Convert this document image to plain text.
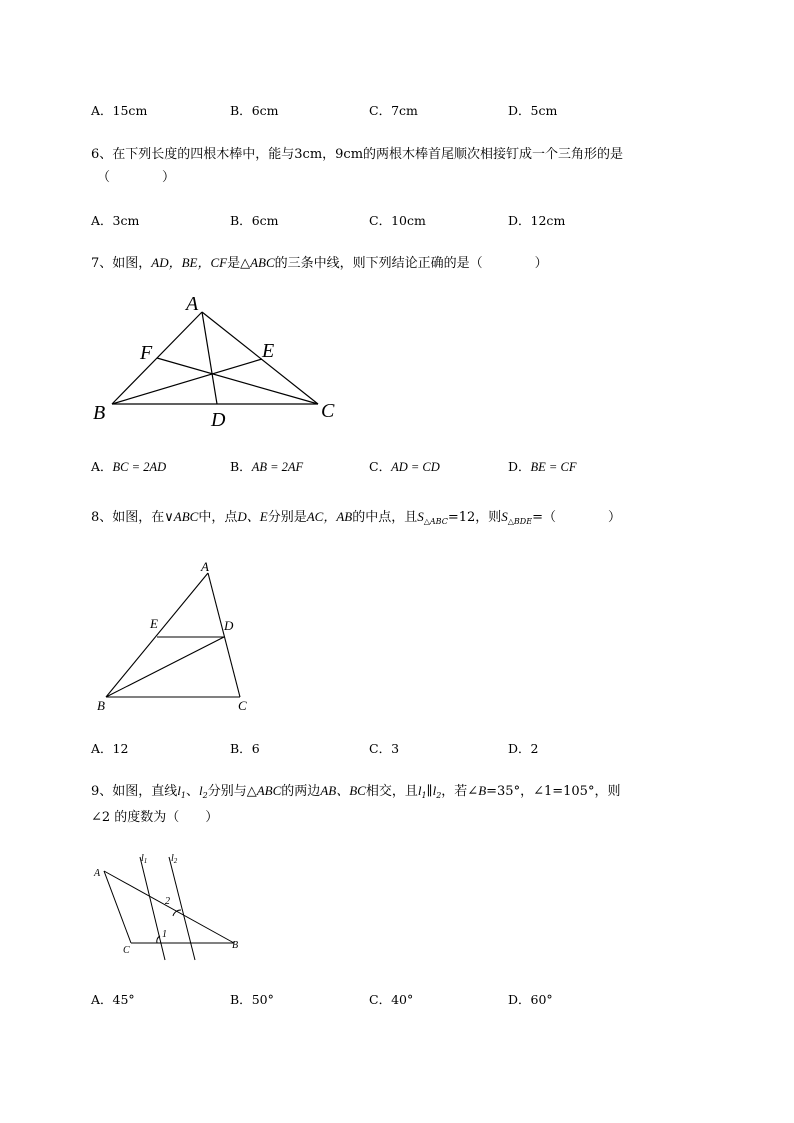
A．15cm	B．6cm	C．7cm	D．5cm
6、在下列长度的四根木棒中，能与3cm，9cm的两根木棒首尾顺次相接钉成一个三角形的是
（　　　　）
A．3cm	B．6cm	C．10cm	D．12cm
7、如图，AD，BE，CF是△ABC的三条中线，则下列结论正确的是（　　　　）
A
B	C
D
E
F
A．BC = 2AD	B．AB = 2AF	C．AD = CD	D．BE = CF
8、如图，在∨ABC中，点D、E分别是AC，AB的中点，且$S_{\triangle ABC}=12$，则$S_{\triangle BDE}=$（　　　　）
A
B	C
D
E
A．12	B．6	C．3	D．2
9、如图，直线$l_1$、$l_2$分别与△ABC的两边AB、BC相交，且$l_1\parallel l_2$，若∠B=35°，∠1=105°，则
∠2 的度数为（　　）
A
C	B
$l_1$ $l_2$
1
2
A．45°	B．50°	C．40°	D．60°
